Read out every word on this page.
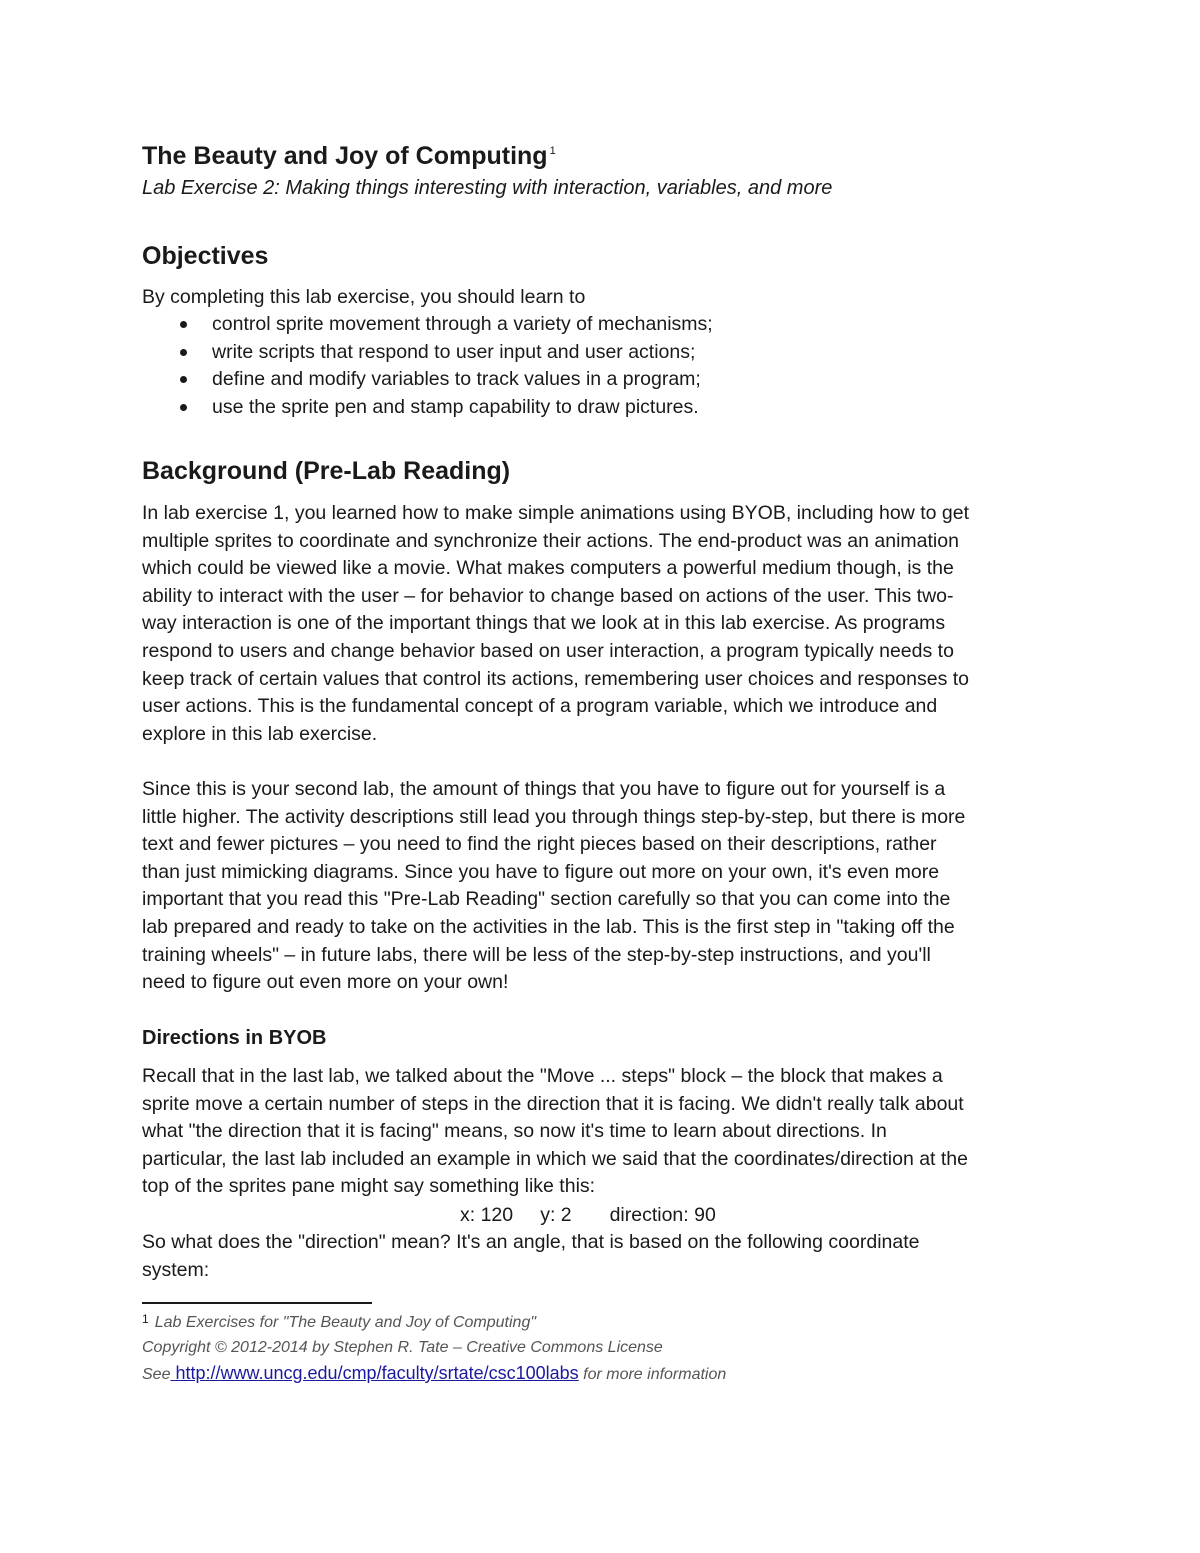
The Beauty and Joy of Computing $^1$
Lab Exercise 2: Making things interesting with interaction, variables, and more
Objectives
By completing this lab exercise, you should learn to
control sprite movement through a variety of mechanisms;
write scripts that respond to user input and user actions;
define and modify variables to track values in a program;
use the sprite pen and stamp capability to draw pictures.
Background (Pre-Lab Reading)
In lab exercise 1, you learned how to make simple animations using BYOB, including how to get
multiple sprites to coordinate and synchronize their actions. The end-product was an animation
which could be viewed like a movie. What makes computers a powerful medium though, is the
ability to interact with the user – for behavior to change based on actions of the user. This two-
way interaction is one of the important things that we look at in this lab exercise. As programs
respond to users and change behavior based on user interaction, a program typically needs to
keep track of certain values that control its actions, remembering user choices and responses to
user actions. This is the fundamental concept of a program variable, which we introduce and
explore in this lab exercise.
Since this is your second lab, the amount of things that you have to figure out for yourself is a
little higher. The activity descriptions still lead you through things step-by-step, but there is more
text and fewer pictures – you need to find the right pieces based on their descriptions, rather
than just mimicking diagrams. Since you have to figure out more on your own, it's even more
important that you read this "Pre-Lab Reading" section carefully so that you can come into the
lab prepared and ready to take on the activities in the lab. This is the first step in "taking off the
training wheels" – in future labs, there will be less of the step-by-step instructions, and you'll
need to figure out even more on your own!
Directions in BYOB
Recall that in the last lab, we talked about the "Move ... steps" block – the block that makes a
sprite move a certain number of steps in the direction that it is facing. We didn't really talk about
what "the direction that it is facing" means, so now it's time to learn about directions. In
particular, the last lab included an example in which we said that the coordinates/direction at the
top of the sprites pane might say something like this:
x: 120     y: 2       direction: 90
So what does the "direction" mean? It's an angle, that is based on the following coordinate
system:
$^1$ Lab Exercises for "The Beauty and Joy of Computing"
Copyright © 2012-2014 by Stephen R. Tate – Creative Commons License
See http://www.uncg.edu/cmp/faculty/srtate/csc100labs for more information
